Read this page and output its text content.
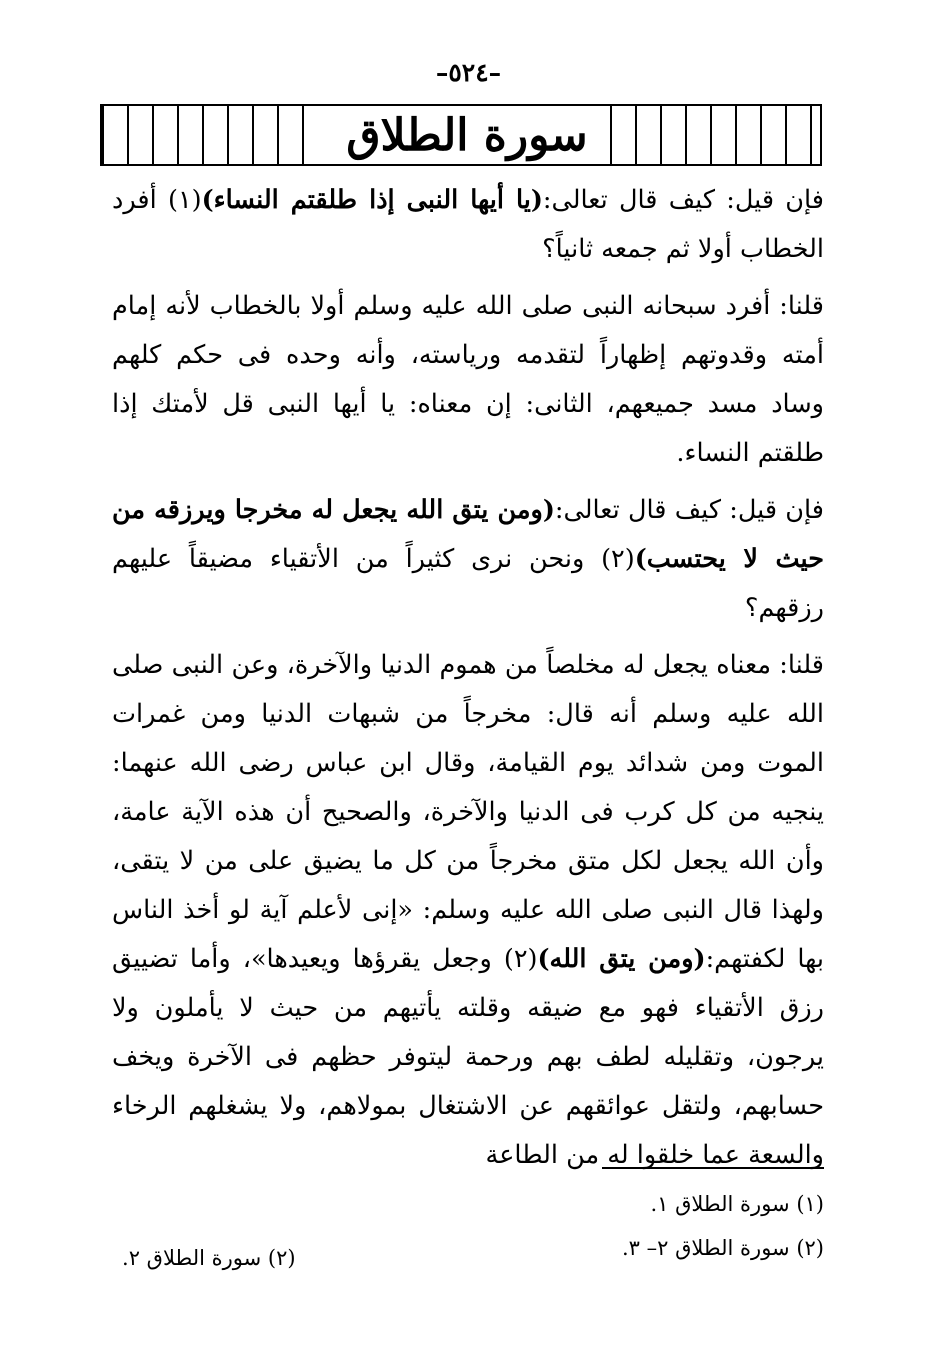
–٥٢٤–
سورة الطلاق

فإن قيل: كيف قال تعالى:(يا أيها النبى إذا طلقتم النساء)(١) أفرد الخطاب أولا ثم جمعه ثانياً؟

قلنا: أفرد سبحانه النبى صلى الله عليه وسلم أولا بالخطاب لأنه إمام أمته وقدوتهم إظهاراً لتقدمه ورياسته، وأنه وحده فى حكم كلهم وساد مسد جميعهم، الثانى: إن معناه: يا أيها النبى قل لأمتك إذا طلقتم النساء.

فإن قيل: كيف قال تعالى:(ومن يتق الله يجعل له مخرجا ويرزقه من حيث لا يحتسب)(٢) ونحن نرى كثيراً من الأتقياء مضيقاً عليهم رزقهم؟

قلنا: معناه يجعل له مخلصاً من هموم الدنيا والآخرة، وعن النبى صلى الله عليه وسلم أنه قال: مخرجاً من شبهات الدنيا ومن غمرات الموت ومن شدائد يوم القيامة، وقال ابن عباس رضى الله عنهما: ينجيه من كل كرب فى الدنيا والآخرة، والصحيح أن هذه الآية عامة، وأن الله يجعل لكل متق مخرجاً من كل ما يضيق على من لا يتقى، ولهذا قال النبى صلى الله عليه وسلم: «إنى لأعلم آية لو أخذ الناس بها لكفتهم:(ومن يتق الله)(٢) وجعل يقرؤها ويعيدها»، وأما تضييق رزق الأتقياء فهو مع ضيقه وقلته يأتيهم من حيث لا يأملون ولا يرجون، وتقليله لطف بهم ورحمة ليتوفر حظهم فى الآخرة ويخف حسابهم، ولتقل عوائقهم عن الاشتغال بمولاهم، ولا يشغلهم الرخاء والسعة عما خلقوا له من الطاعة

(١) سورة الطلاق ١.
(٢) سورة الطلاق ٢– ٣.
(٢) سورة الطلاق ٢.
